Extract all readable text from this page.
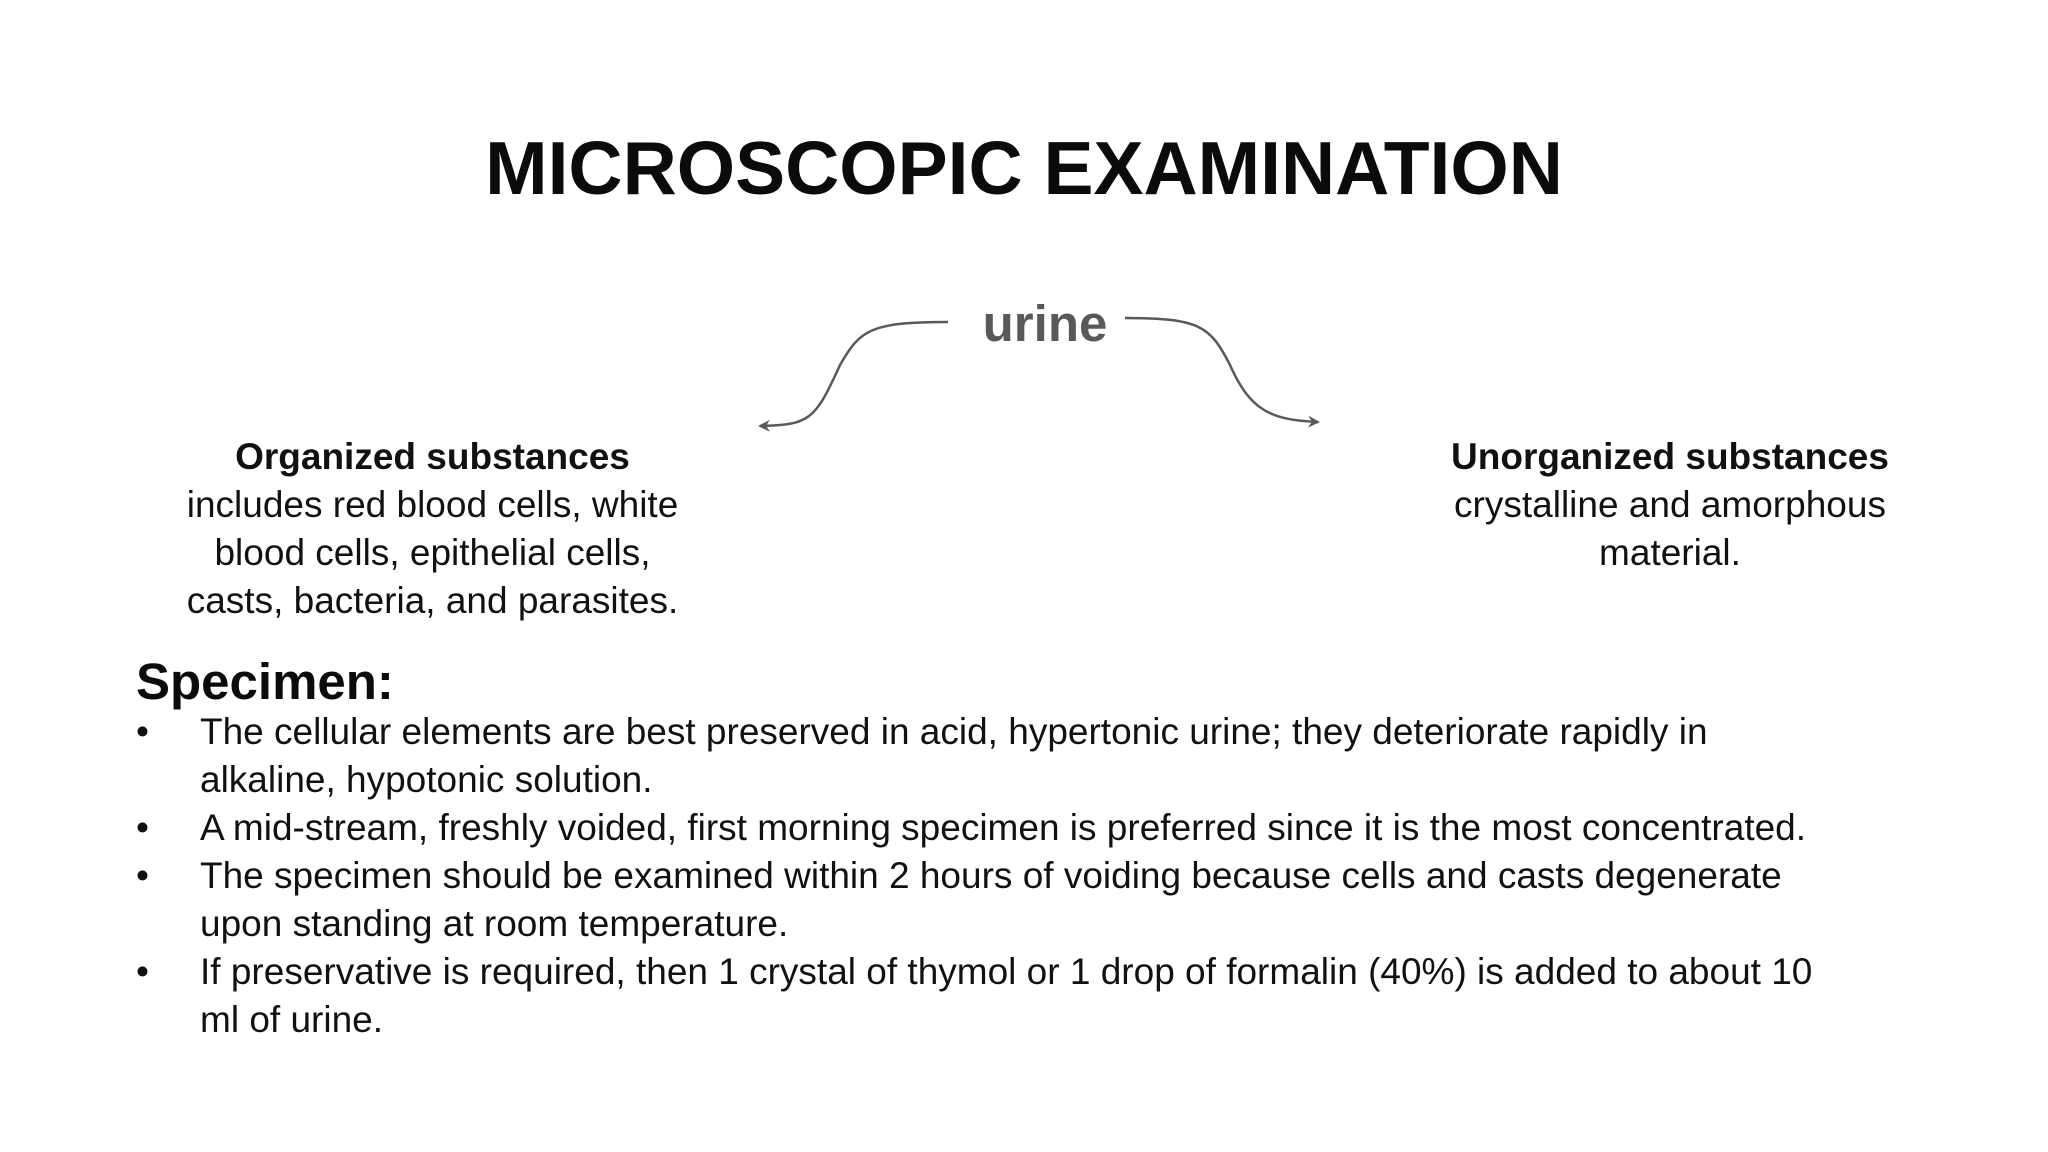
MICROSCOPIC EXAMINATION
urine
Organized substances
includes red blood cells, white
blood cells, epithelial cells,
casts, bacteria, and parasites.
Unorganized substances
crystalline and amorphous
material.
Specimen:
•	The cellular elements are best preserved in acid, hypertonic urine; they deteriorate rapidly in
alkaline, hypotonic solution.
•	A mid-stream, freshly voided, first morning specimen is preferred since it is the most concentrated.
•	The specimen should be examined within 2 hours of voiding because cells and casts degenerate
upon standing at room temperature.
•	If preservative is required, then 1 crystal of thymol or 1 drop of formalin (40%) is added to about 10
ml of urine.
